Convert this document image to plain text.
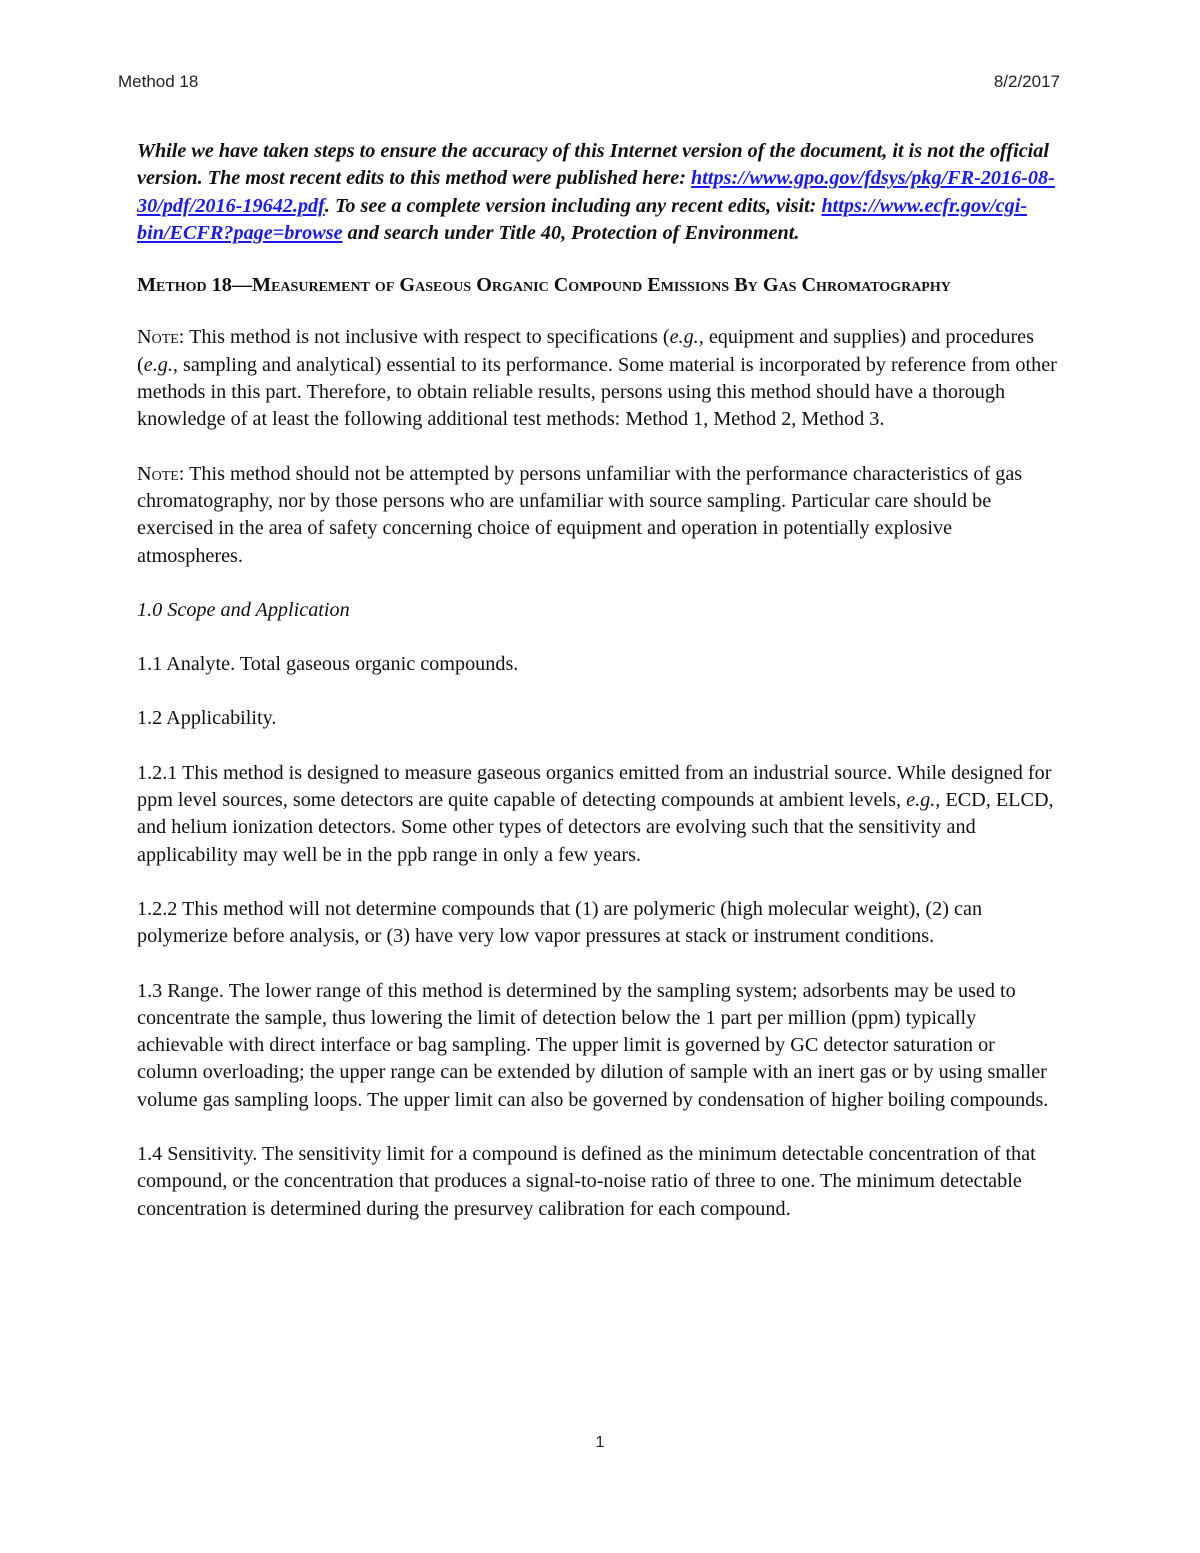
Method 18	8/2/2017

While we have taken steps to ensure the accuracy of this Internet version of the document, it is not the official version. The most recent edits to this method were published here: https://www.gpo.gov/fdsys/pkg/FR-2016-08-30/pdf/2016-19642.pdf. To see a complete version including any recent edits, visit: https://www.ecfr.gov/cgi-bin/ECFR?page=browse and search under Title 40, Protection of Environment.

Method 18—Measurement of Gaseous Organic Compound Emissions By Gas Chromatography

Note: This method is not inclusive with respect to specifications (e.g., equipment and supplies) and procedures (e.g., sampling and analytical) essential to its performance. Some material is incorporated by reference from other methods in this part. Therefore, to obtain reliable results, persons using this method should have a thorough knowledge of at least the following additional test methods: Method 1, Method 2, Method 3.

Note: This method should not be attempted by persons unfamiliar with the performance characteristics of gas chromatography, nor by those persons who are unfamiliar with source sampling. Particular care should be exercised in the area of safety concerning choice of equipment and operation in potentially explosive atmospheres.

1.0 Scope and Application

1.1 Analyte. Total gaseous organic compounds.

1.2 Applicability.

1.2.1 This method is designed to measure gaseous organics emitted from an industrial source. While designed for ppm level sources, some detectors are quite capable of detecting compounds at ambient levels, e.g., ECD, ELCD, and helium ionization detectors. Some other types of detectors are evolving such that the sensitivity and applicability may well be in the ppb range in only a few years.

1.2.2 This method will not determine compounds that (1) are polymeric (high molecular weight), (2) can polymerize before analysis, or (3) have very low vapor pressures at stack or instrument conditions.

1.3 Range. The lower range of this method is determined by the sampling system; adsorbents may be used to concentrate the sample, thus lowering the limit of detection below the 1 part per million (ppm) typically achievable with direct interface or bag sampling. The upper limit is governed by GC detector saturation or column overloading; the upper range can be extended by dilution of sample with an inert gas or by using smaller volume gas sampling loops. The upper limit can also be governed by condensation of higher boiling compounds.

1.4 Sensitivity. The sensitivity limit for a compound is defined as the minimum detectable concentration of that compound, or the concentration that produces a signal-to-noise ratio of three to one. The minimum detectable concentration is determined during the presurvey calibration for each compound.

1
